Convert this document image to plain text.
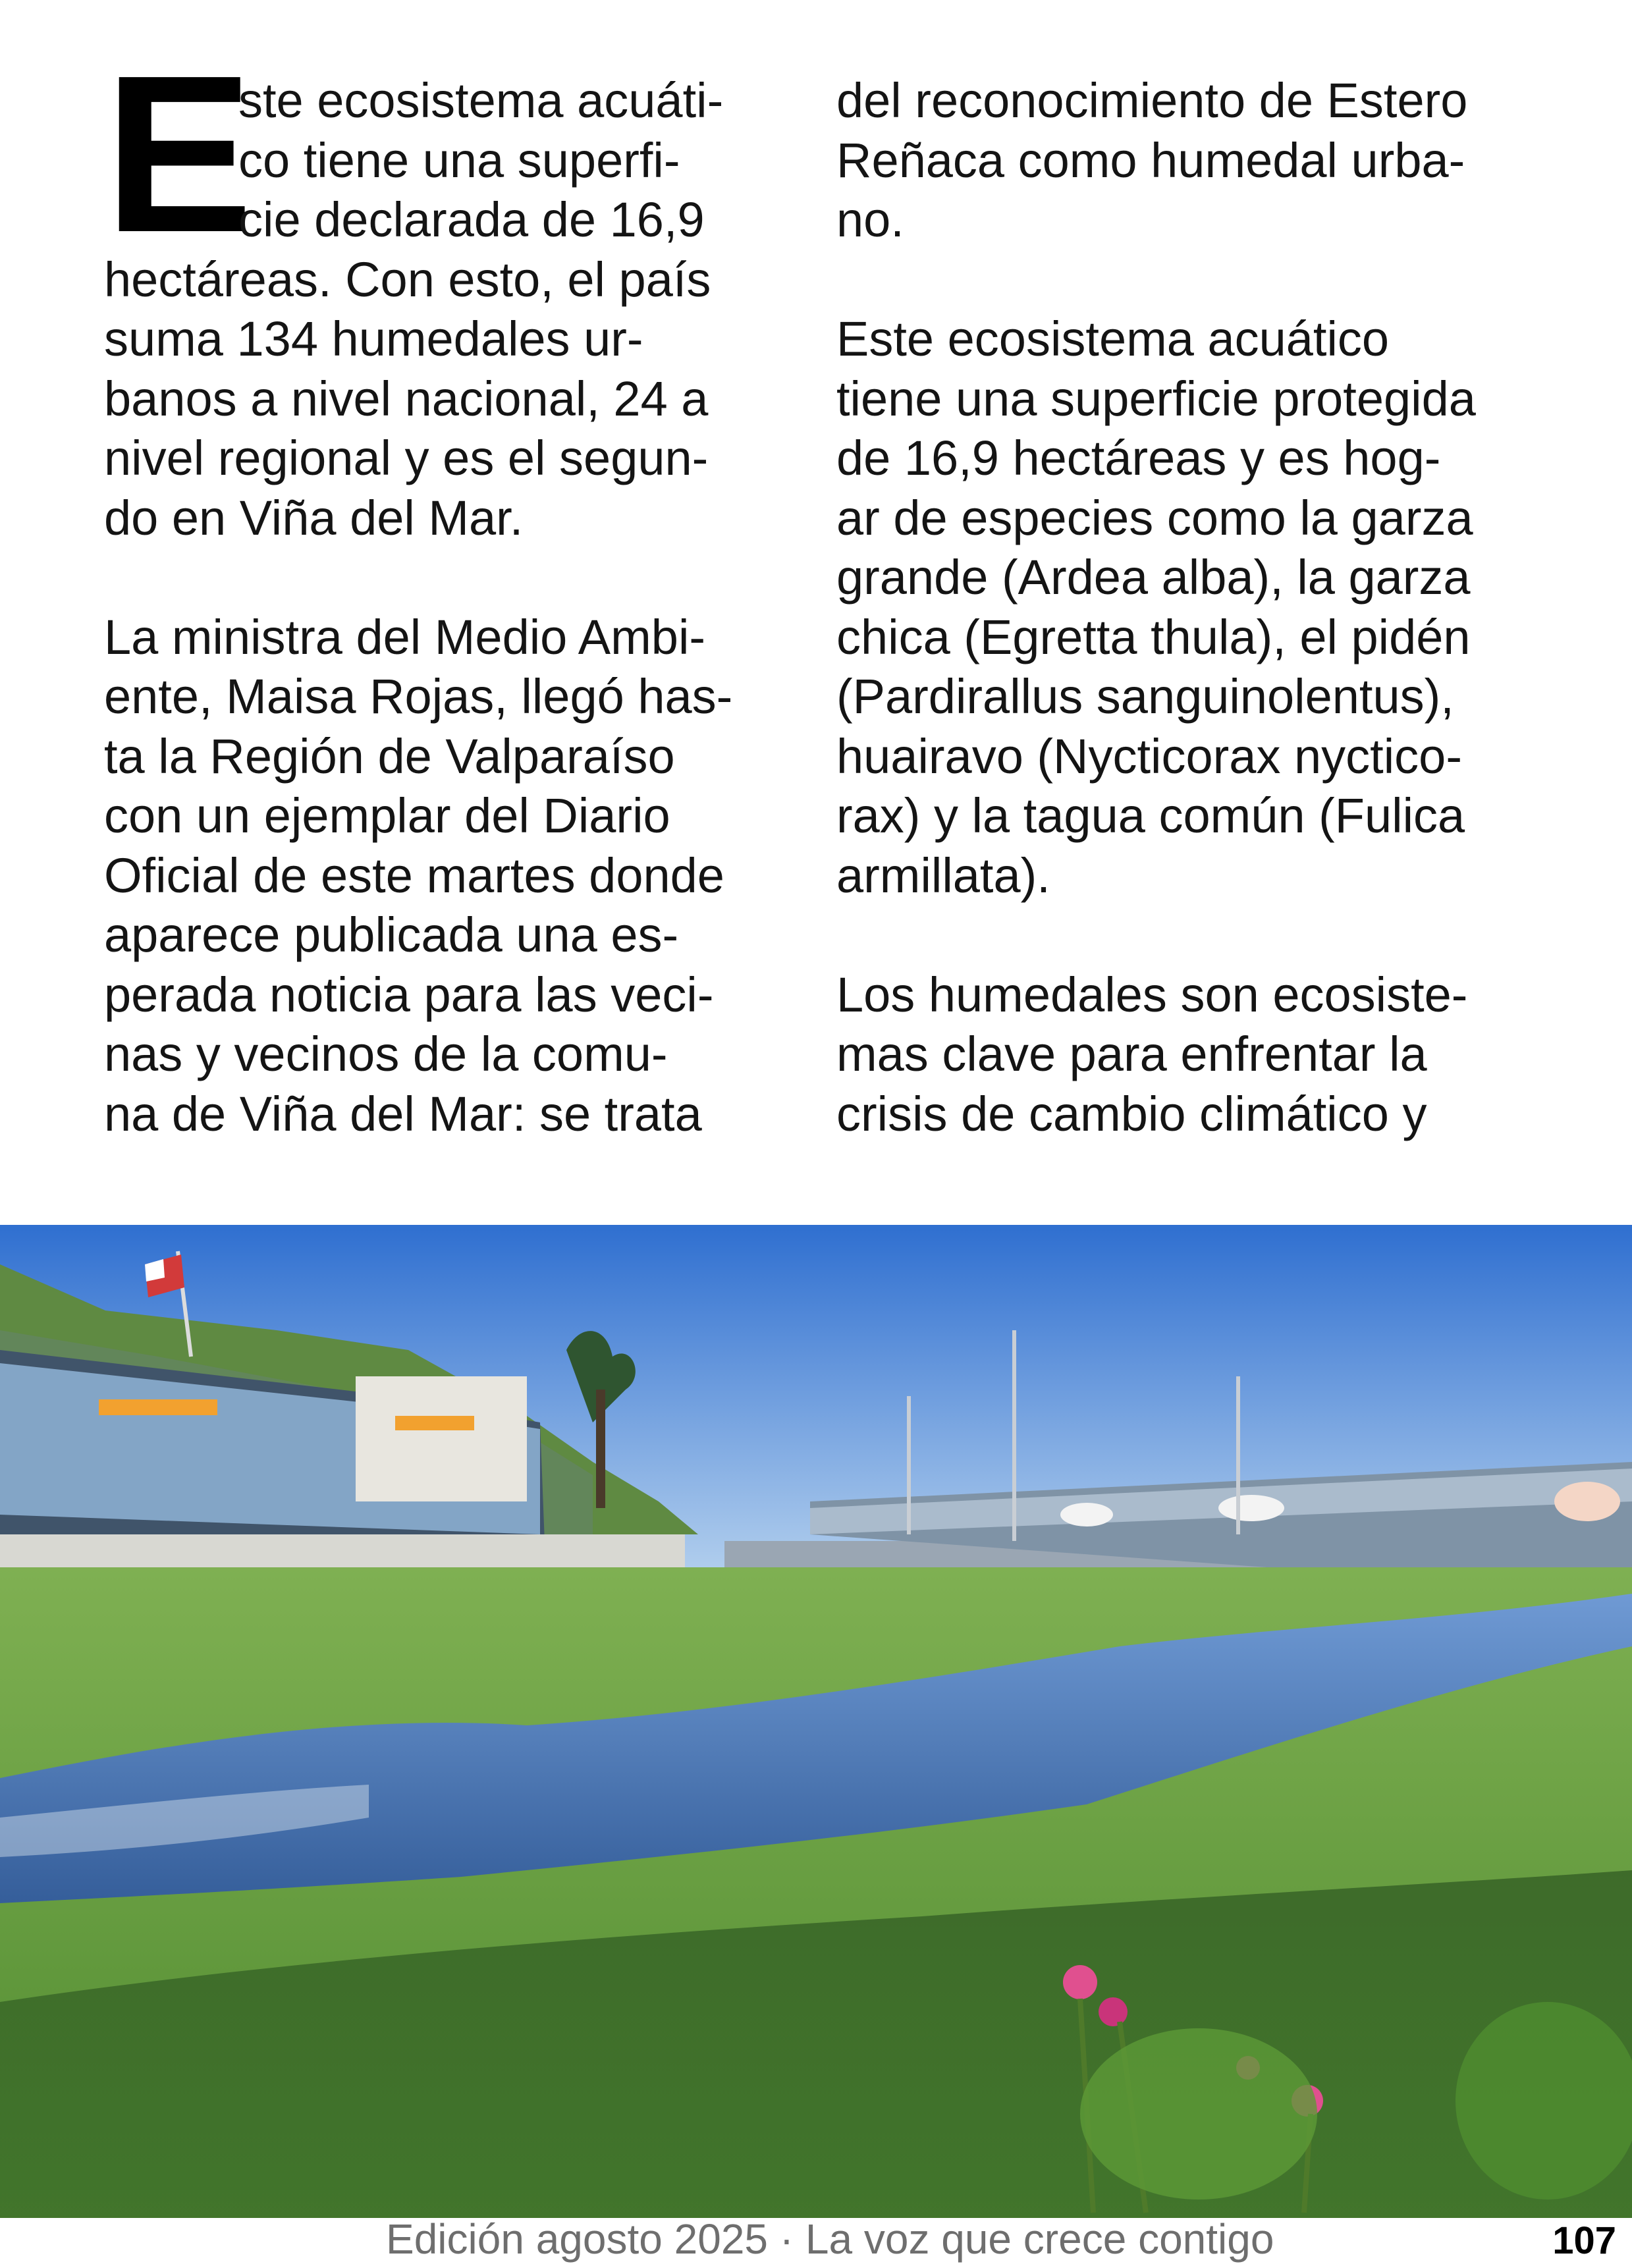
E
ste ecosistema acuáti-
co tiene una superfi-
cie declarada de 16,9
hectáreas. Con esto, el país
suma 134 humedales ur-
banos a nivel nacional, 24 a
nivel regional y es el segun-
do en Viña del Mar.
La ministra del Medio Ambi-
ente, Maisa Rojas, llegó has-
ta la Región de Valparaíso
con un ejemplar del Diario
Oficial de este martes donde
aparece publicada una es-
perada noticia para las veci-
nas y vecinos de la comu-
na de Viña del Mar: se trata
del reconocimiento de Estero
Reñaca como humedal urba-
no.
Este ecosistema acuático
tiene una superficie protegida
de 16,9 hectáreas y es hog-
ar de especies como la garza
grande (Ardea alba), la garza
chica (Egretta thula), el pidén
(Pardirallus sanguinolentus),
huairavo (Nycticorax nyctico-
rax) y la tagua común (Fulica
armillata).
Los humedales son ecosiste-
mas clave para enfrentar la
crisis de cambio climático y
Edición agosto 2025 · La voz que crece contigo	107
